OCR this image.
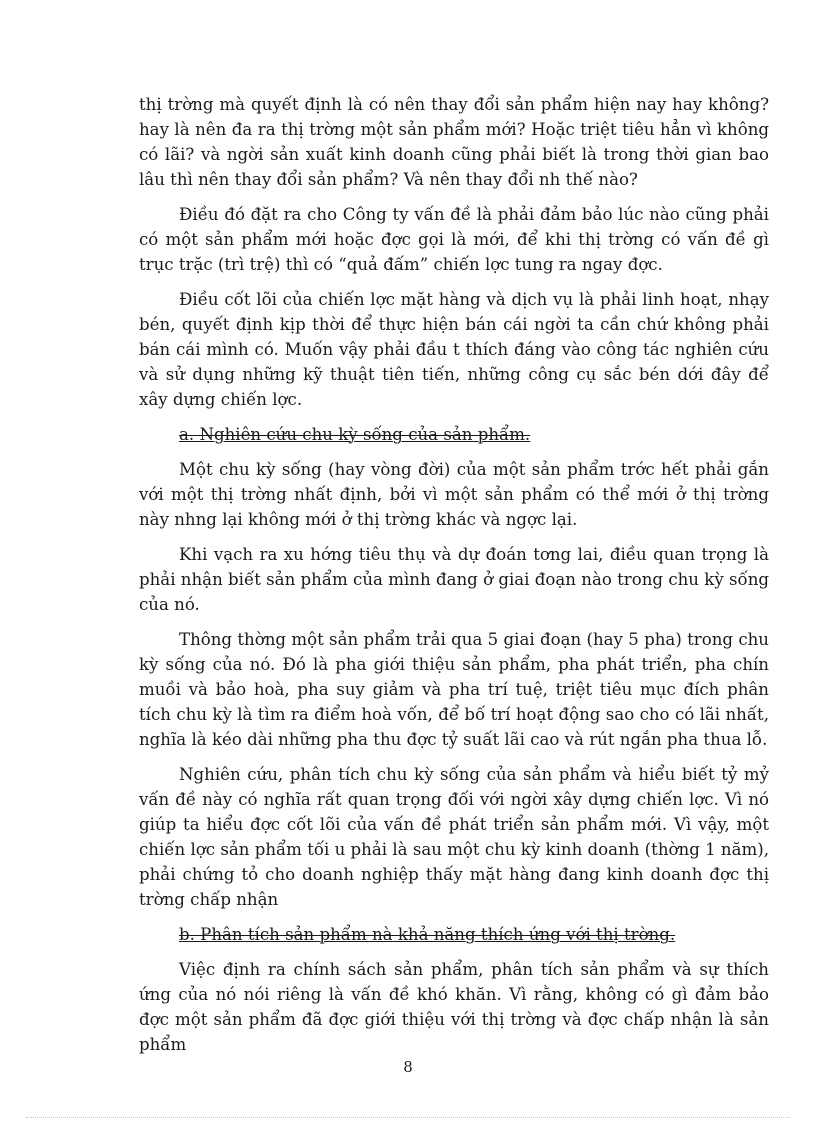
thị trờng mà quyết định là có nên thay đổi sản phẩm hiện nay hay không? hay là nên đa ra thị trờng một sản phẩm mới? Hoặc triệt tiêu hẳn vì không có lãi? và ngời sản xuất kinh doanh cũng phải biết là trong thời gian bao lâu thì nên thay đổi sản phẩm? Và nên thay đổi nh thế nào?

Điều đó đặt ra cho Công ty vấn đề là phải đảm bảo lúc nào cũng phải có một sản phẩm mới hoặc đợc gọi là mới, để khi thị trờng có vấn đề gì trục trặc (trì trệ) thì có “quả đấm” chiến lợc tung ra ngay đợc.

Điều cốt lõi của chiến lợc mặt hàng và dịch vụ là phải linh hoạt, nhạy bén, quyết định kịp thời để thực hiện bán cái ngời ta cần chứ không phải bán cái mình có. Muốn vậy phải đầu t thích đáng vào công tác nghiên cứu và sử dụng những kỹ thuật tiên tiến, những công cụ sắc bén dới đây để xây dựng chiến lợc.

a. Nghiên cứu chu kỳ sống của sản phẩm.

Một chu kỳ sống (hay vòng đời) của một sản phẩm trớc hết phải gắn với một thị trờng nhất định, bởi vì một sản phẩm có thể mới ở thị trờng này nhng lại không mới ở thị trờng khác và ngợc lại.

Khi vạch ra xu hớng tiêu thụ và dự đoán tơng lai, điều quan trọng là phải nhận biết sản phẩm của mình đang ở giai đoạn nào trong chu kỳ sống của nó.

Thông thờng một sản phẩm trải qua 5 giai đoạn (hay 5 pha) trong chu kỳ sống của nó. Đó là pha giới thiệu sản phẩm, pha phát triển, pha chín muồi và bảo hoà, pha suy giảm và pha trí tuệ, triệt tiêu mục đích phân tích chu kỳ là tìm ra điểm hoà vốn, để bố trí hoạt động sao cho có lãi nhất, nghĩa là kéo dài những pha thu đợc tỷ suất lãi cao và rút ngắn pha thua lỗ.

Nghiên cứu, phân tích chu kỳ sống của sản phẩm và hiểu biết tỷ mỷ vấn đề này có nghĩa rất quan trọng đối với ngời xây dựng chiến lợc. Vì nó giúp ta hiểu đợc cốt lõi của vấn đề phát triển sản phẩm mới. Vì vậy, một chiến lợc sản phẩm tối u phải là sau một chu kỳ kinh doanh (thờng 1 năm), phải chứng tỏ cho doanh nghiệp thấy mặt hàng đang kinh doanh đợc thị trờng chấp nhận

b. Phân tích sản phẩm nà khả năng thích ứng với thị trờng.

Việc định ra chính sách sản phẩm, phân tích sản phẩm và sự thích ứng của nó nói riêng là vấn đề khó khăn. Vì rằng, không có gì đảm bảo đợc một sản phẩm đã đợc giới thiệu với thị trờng và đợc chấp nhận là sản phẩm

8
